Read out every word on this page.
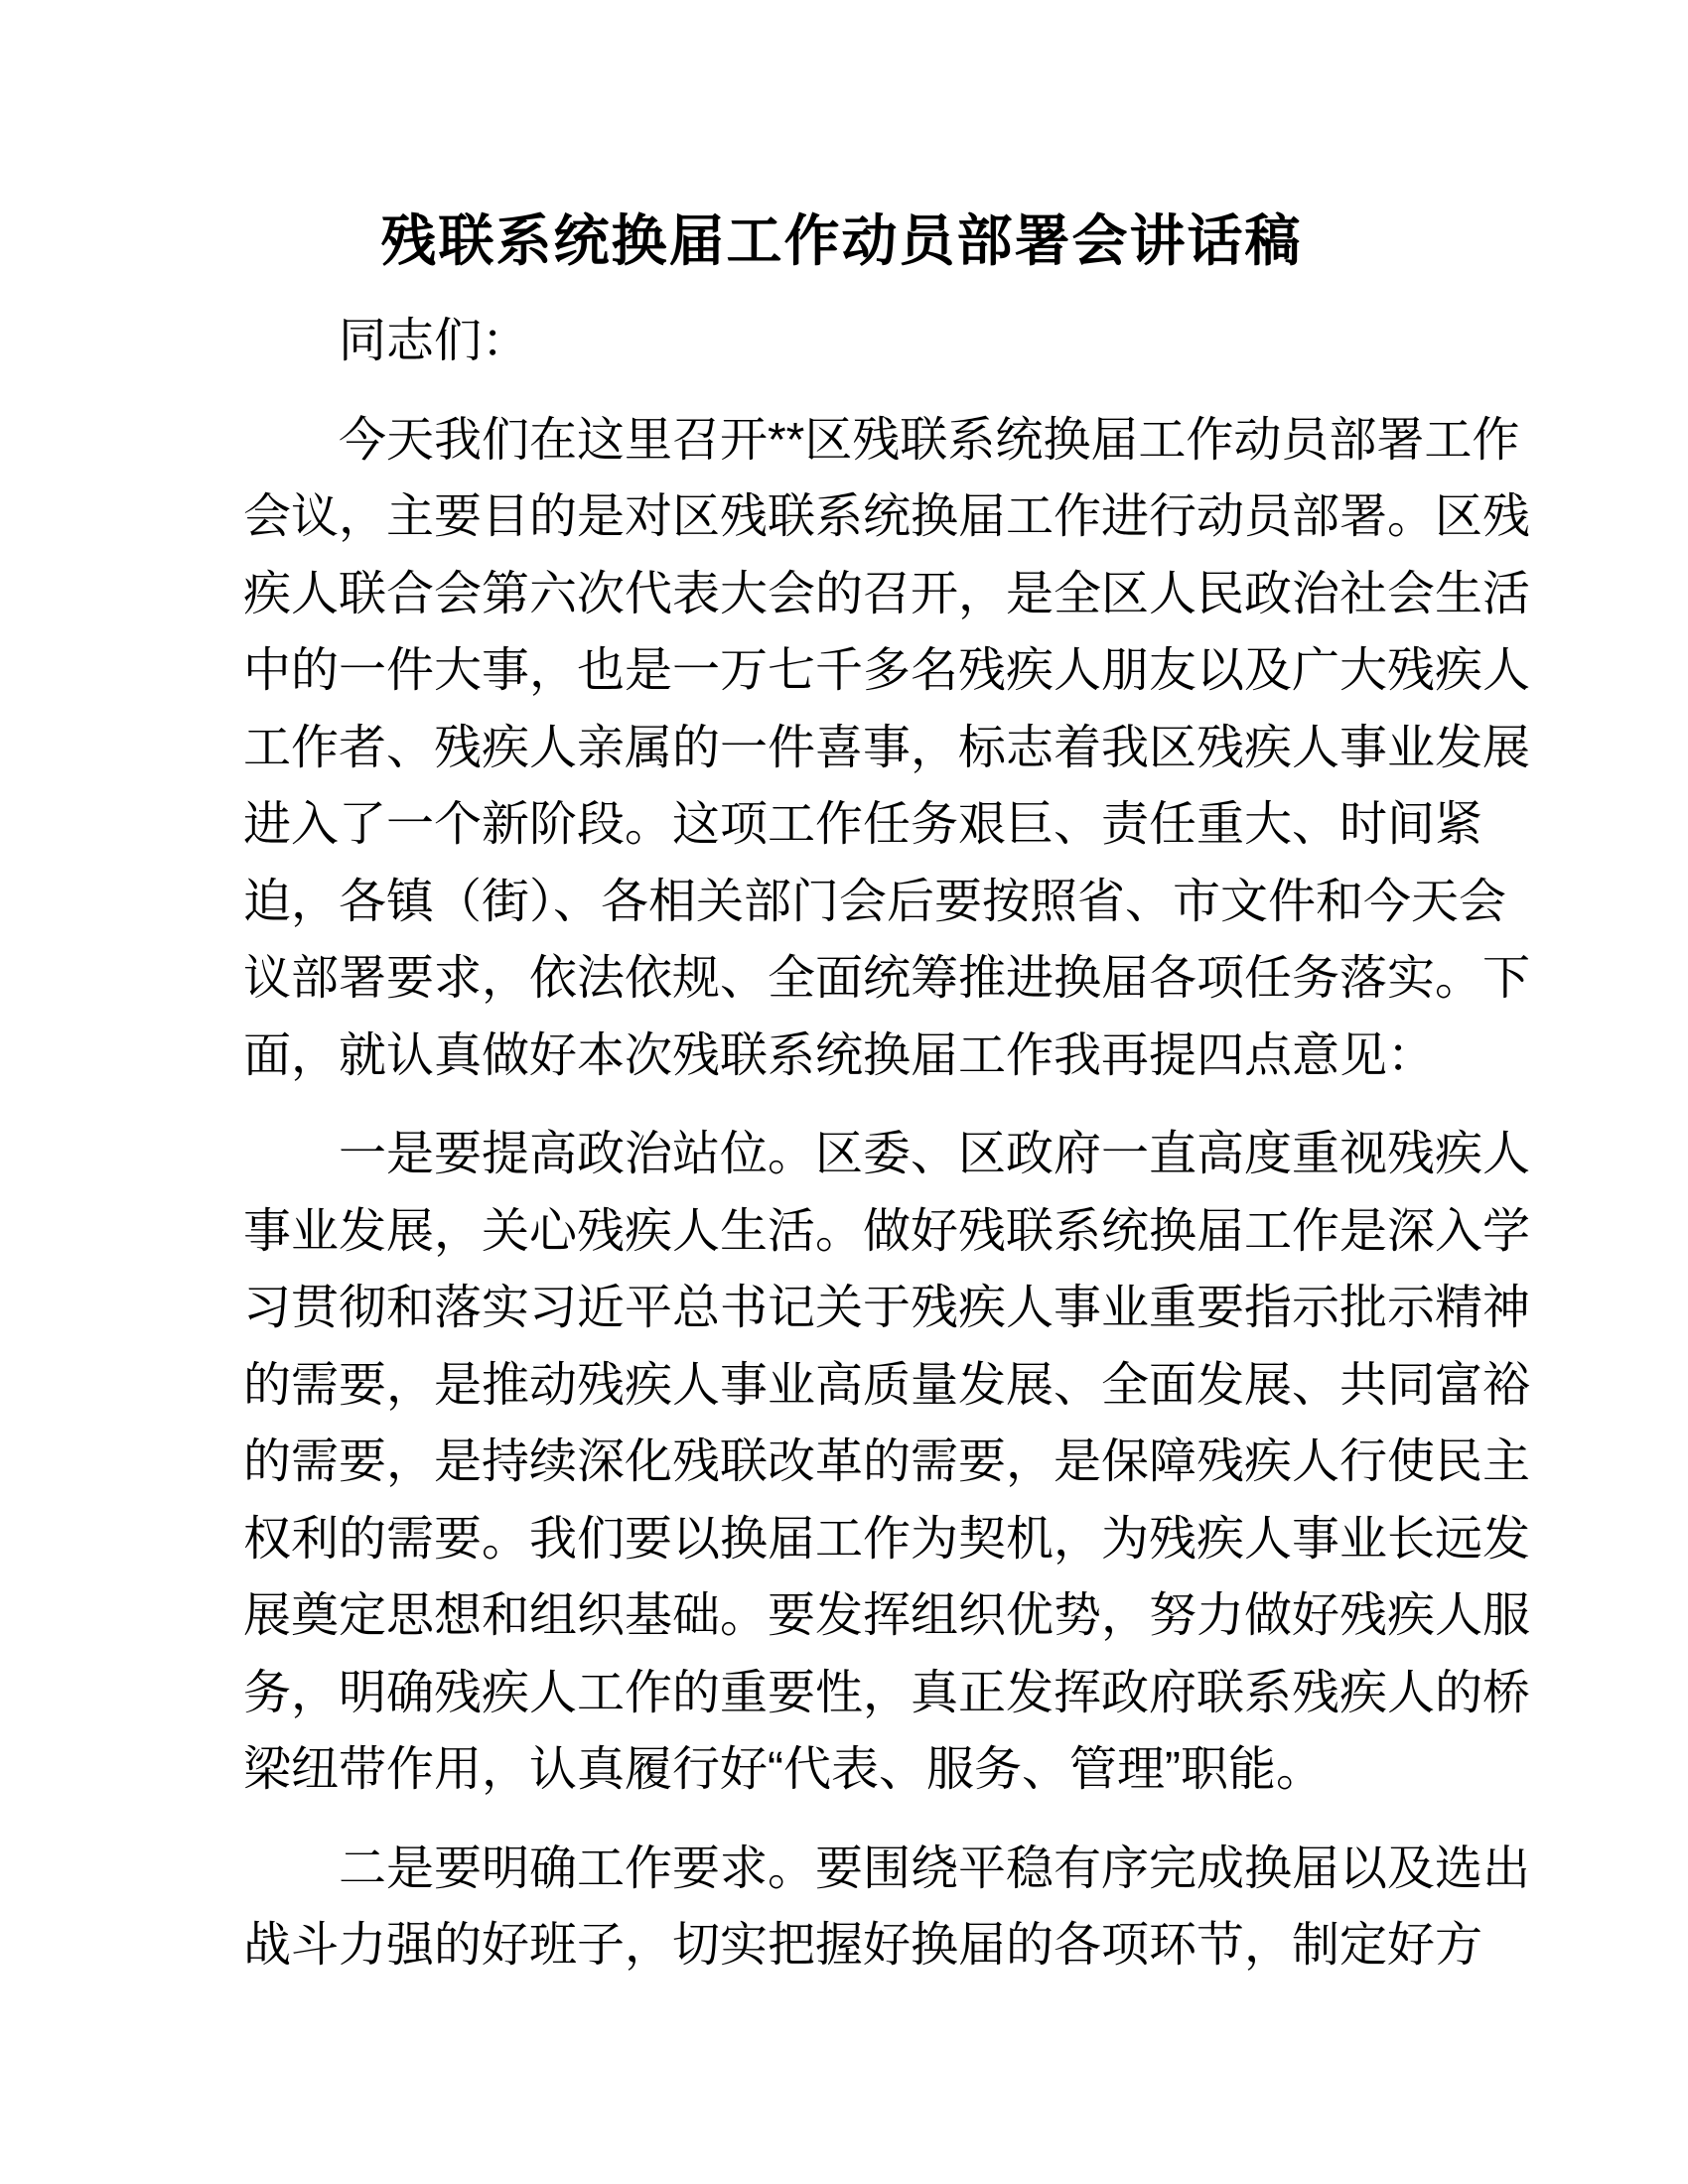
残联系统换届工作动员部署会讲话稿
同志们：
今天我们在这里召开**区残联系统换届工作动员部署工作
会议，主要目的是对区残联系统换届工作进行动员部署。区残
疾人联合会第六次代表大会的召开，是全区人民政治社会生活
中的一件大事，也是一万七千多名残疾人朋友以及广大残疾人
工作者、残疾人亲属的一件喜事，标志着我区残疾人事业发展
进入了一个新阶段。这项工作任务艰巨、责任重大、时间紧
迫，各镇（街）、各相关部门会后要按照省、市文件和今天会
议部署要求，依法依规、全面统筹推进换届各项任务落实。下
面，就认真做好本次残联系统换届工作我再提四点意见：
一是要提高政治站位。区委、区政府一直高度重视残疾人
事业发展，关心残疾人生活。做好残联系统换届工作是深入学
习贯彻和落实习近平总书记关于残疾人事业重要指示批示精神
的需要，是推动残疾人事业高质量发展、全面发展、共同富裕
的需要，是持续深化残联改革的需要，是保障残疾人行使民主
权利的需要。我们要以换届工作为契机，为残疾人事业长远发
展奠定思想和组织基础。要发挥组织优势，努力做好残疾人服
务，明确残疾人工作的重要性，真正发挥政府联系残疾人的桥
梁纽带作用，认真履行好“代表、服务、管理”职能。
二是要明确工作要求。要围绕平稳有序完成换届以及选出
战斗力强的好班子，切实把握好换届的各项环节，制定好方
